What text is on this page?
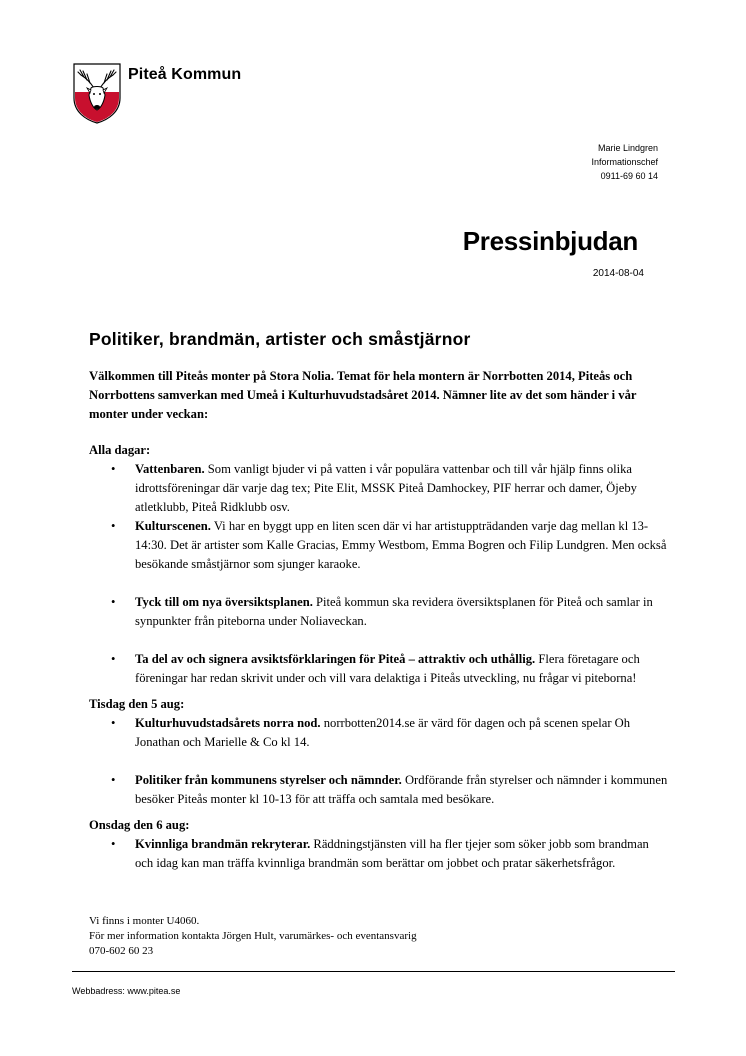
Piteå Kommun
Marie Lindgren
Informationschef
0911-69 60 14
Pressinbjudan
2014-08-04
Politiker, brandmän, artister och småstjärnor

Välkommen till Piteås monter på Stora Nolia. Temat för hela montern är Norrbotten 2014, Piteås och Norrbottens samverkan med Umeå i Kulturhuvudstadsåret 2014. Nämner lite av det som händer i vår monter under veckan:

Alla dagar:

• Vattenbaren. Som vanligt bjuder vi på vatten i vår populära vattenbar och till vår hjälp finns olika idrottsföreningar där varje dag tex; Pite Elit, MSSK Piteå Damhockey, PIF herrar och damer, Öjeby atletklubb, Piteå Ridklubb osv.
• Kulturscenen. Vi har en byggt upp en liten scen där vi har artistuppträdanden varje dag mellan kl 13-14:30. Det är artister som Kalle Gracias, Emmy Westbom, Emma Bogren och Filip Lundgren. Men också besökande småstjärnor som sjunger karaoke.
• Tyck till om nya översiktsplanen. Piteå kommun ska revidera översiktsplanen för Piteå och samlar in synpunkter från piteborna under Noliaveckan.
• Ta del av och signera avsiktsförklaringen för Piteå – attraktiv och uthållig. Flera företagare och föreningar har redan skrivit under och vill vara delaktiga i Piteås utveckling, nu frågar vi piteborna!

Tisdag den 5 aug:

• Kulturhuvudstadsårets norra nod. norrbotten2014.se är värd för dagen och på scenen spelar Oh Jonathan och Marielle & Co kl 14.
• Politiker från kommunens styrelser och nämnder. Ordförande från styrelser och nämnder i kommunen besöker Piteås monter kl 10-13 för att träffa och samtala med besökare.

Onsdag den 6 aug:

• Kvinnliga brandmän rekryterar. Räddningstjänsten vill ha fler tjejer som söker jobb som brandman och idag kan man träffa kvinnliga brandmän som berättar om jobbet och pratar säkerhetsfrågor.
Vi finns i monter U4060.
För mer information kontakta Jörgen Hult, varumärkes- och eventansvarig
070-602 60 23
Webbadress: www.pitea.se
